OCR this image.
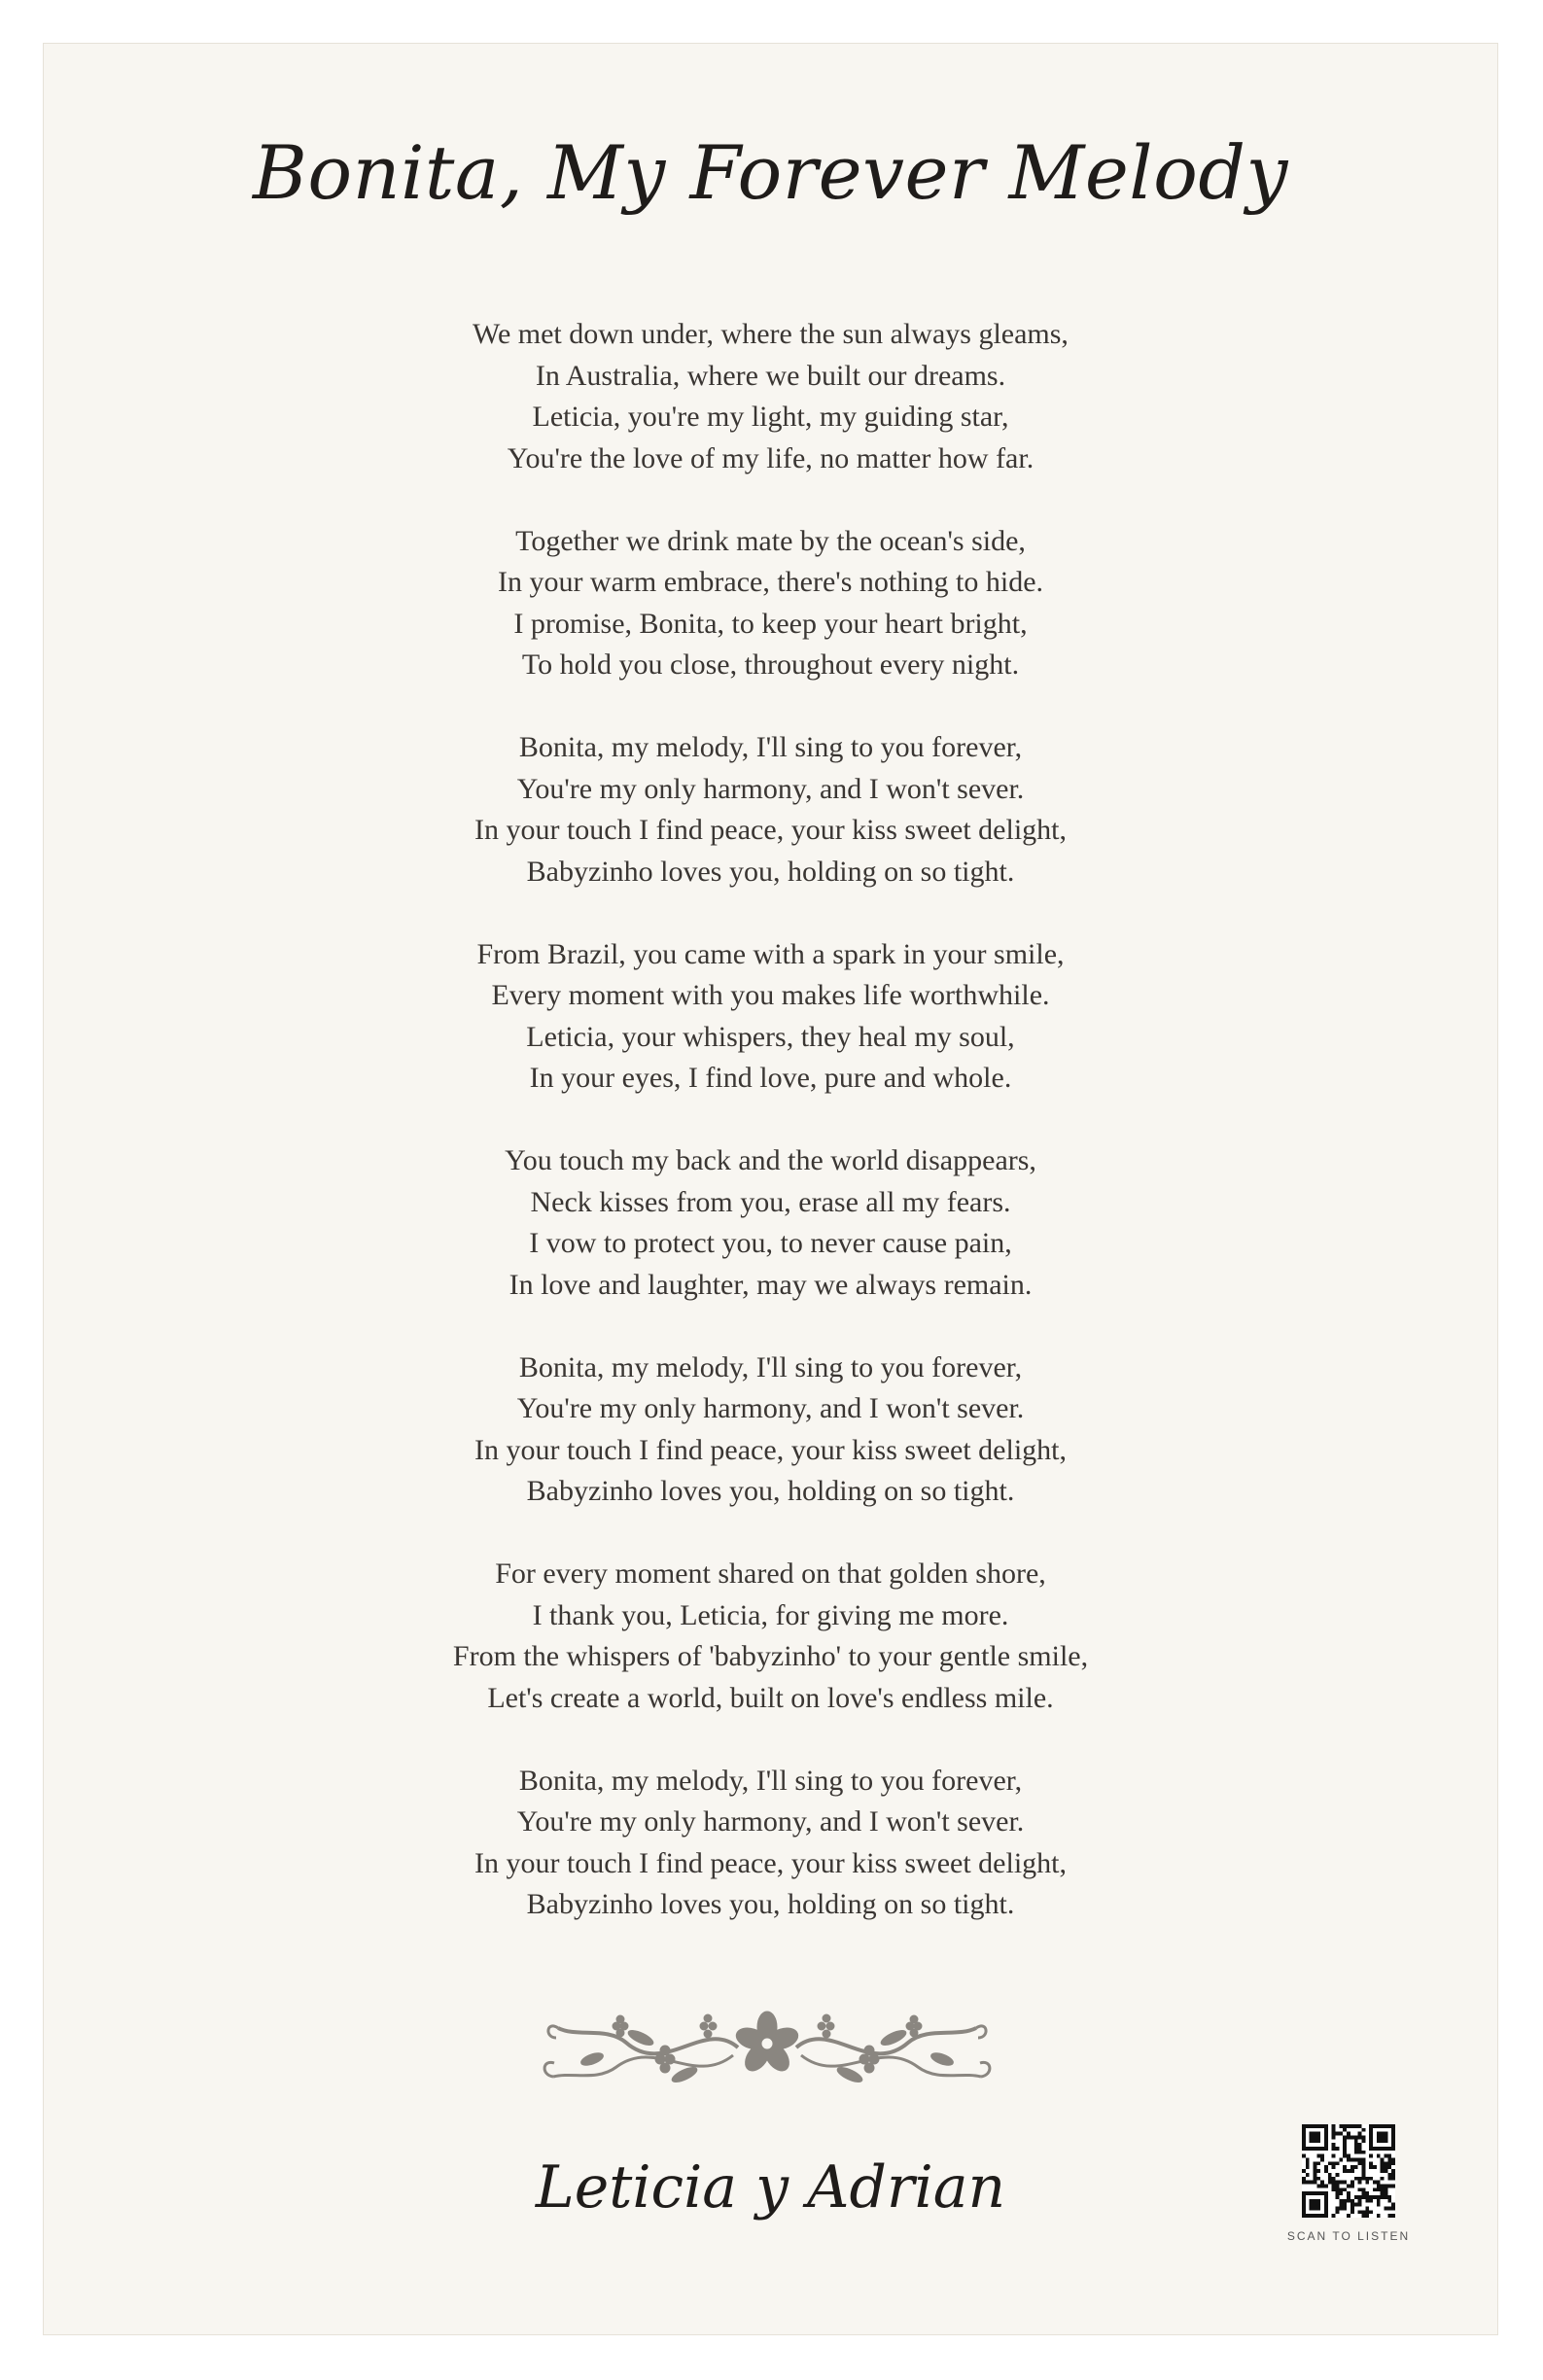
Bonita, My Forever Melody
We met down under, where the sun always gleams,
In Australia, where we built our dreams.
Leticia, you're my light, my guiding star,
You're the love of my life, no matter how far.
Together we drink mate by the ocean's side,
In your warm embrace, there's nothing to hide.
I promise, Bonita, to keep your heart bright,
To hold you close, throughout every night.
Bonita, my melody, I'll sing to you forever,
You're my only harmony, and I won't sever.
In your touch I find peace, your kiss sweet delight,
Babyzinho loves you, holding on so tight.
From Brazil, you came with a spark in your smile,
Every moment with you makes life worthwhile.
Leticia, your whispers, they heal my soul,
In your eyes, I find love, pure and whole.
You touch my back and the world disappears,
Neck kisses from you, erase all my fears.
I vow to protect you, to never cause pain,
In love and laughter, may we always remain.
Bonita, my melody, I'll sing to you forever,
You're my only harmony, and I won't sever.
In your touch I find peace, your kiss sweet delight,
Babyzinho loves you, holding on so tight.
For every moment shared on that golden shore,
I thank you, Leticia, for giving me more.
From the whispers of 'babyzinho' to your gentle smile,
Let's create a world, built on love's endless mile.
Bonita, my melody, I'll sing to you forever,
You're my only harmony, and I won't sever.
In your touch I find peace, your kiss sweet delight,
Babyzinho loves you, holding on so tight.
Leticia y Adrian
SCAN TO LISTEN
